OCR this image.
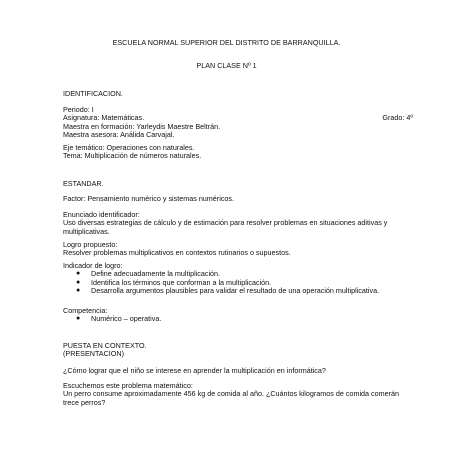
ESCUELA NORMAL SUPERIOR DEL DISTRITO DE BARRANQUILLA.
PLAN CLASE Nº 1
IDENTIFICACION.
Periodo: I
Asignatura: Matemáticas.	Grado: 4º
Maestra en formación: Yarleydis Maestre Beltrán.
Maestra asesora: Análida Carvajal.
Eje temático: Operaciones con naturales.
Tema: Multiplicación de números naturales.
ESTANDAR.
Factor: Pensamiento numérico y sistemas numéricos.
Enunciado identificador:
Uso diversas estrategias de cálculo y de estimación para resolver problemas en situaciones aditivas y multiplicativas.
Logro propuesto:
Resolver problemas multiplicativos en contextos rutinarios o supuestos.
Indicador de logro:
● Define adecuadamente la multiplicación.
● Identifica los términos que conforman a la multiplicación.
● Desarrolla argumentos plausibles para validar el resultado de una operación multiplicativa.
Competencia:
● Numérico – operativa.
PUESTA EN CONTEXTO.
(PRESENTACION)
¿Cómo lograr que el niño se interese en aprender la multiplicación en informática?
Escuchemos este problema matemático:
Un perro consume aproximadamente 456 kg de comida al año. ¿Cuántos kilogramos de comida comerán trece perros?
